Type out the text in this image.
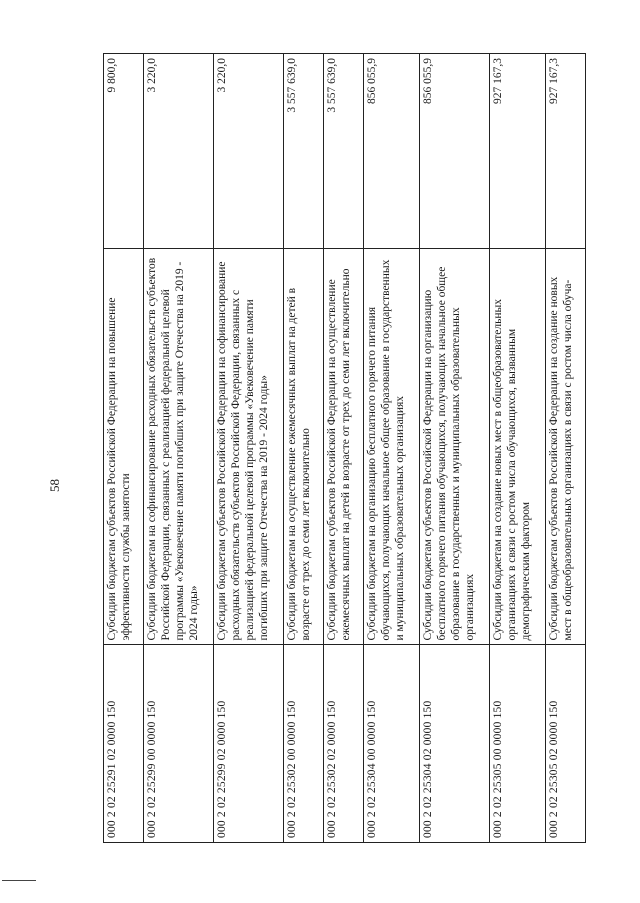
58
000 2 02 25291 02 0000 150	Субсидии бюджетам субъектов Российской Федерации на повышение эффективности службы занятости	9 800,0
000 2 02 25299 00 0000 150	Субсидии бюджетам на софинансирование расходных обязательств субъектов Российской Федерации, связанных с реализацией федеральной целевой программы «Увековечение памяти погибших при защите Отечества на 2019 - 2024 годы»	3 220,0
000 2 02 25299 02 0000 150	Субсидии бюджетам субъектов Российской Федерации на софинансирование расходных обязательств субъектов Российской Федерации, связанных с реализацией федеральной целевой программы «Увековечение памяти погибших при защите Отечества на 2019 - 2024 годы»	3 220,0
000 2 02 25302 00 0000 150	Субсидии бюджетам на осуществление ежемесячных выплат на детей в возрасте от трех до семи лет включительно	3 557 639,0
000 2 02 25302 02 0000 150	Субсидии бюджетам субъектов Российской Федерации на осуществление ежемесячных выплат на детей в возрасте от трех до семи лет включительно	3 557 639,0
000 2 02 25304 00 0000 150	Субсидии бюджетам на организацию бесплатного горячего питания обучающихся, получающих начальное общее образование в государственных и муниципальных образовательных организациях	856 055,9
000 2 02 25304 02 0000 150	Субсидии бюджетам субъектов Российской Федерации на организацию бесплатного горячего питания обучающихся, получающих начальное общее образование в государственных и муниципальных образовательных организациях	856 055,9
000 2 02 25305 00 0000 150	Субсидии бюджетам на создание новых мест в общеобразовательных организациях в связи с ростом числа обучающихся, вызванным демографическим фактором	927 167,3
000 2 02 25305 02 0000 150	Субсидии бюджетам субъектов Российской Федерации на создание новых мест в общеобразовательных организациях в связи с ростом числа обуча-	927 167,3
